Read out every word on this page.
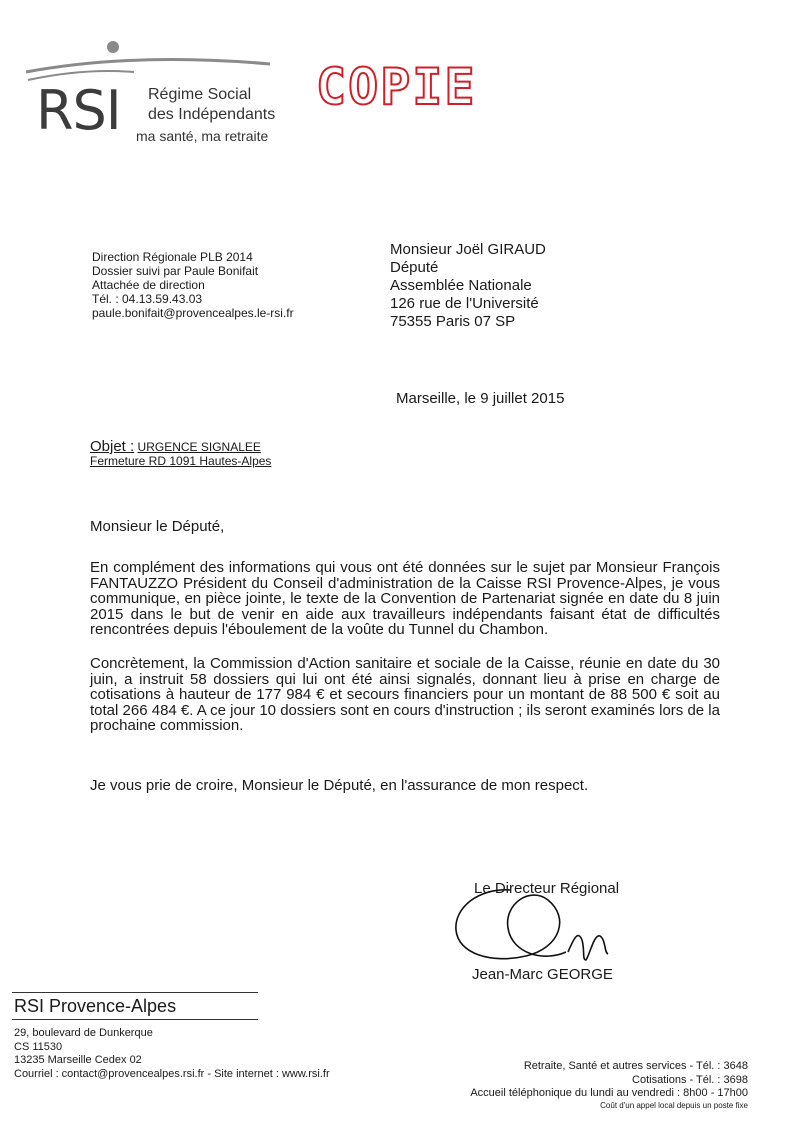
RSI Régime Social
des Indépendants
ma santé, ma retraite
COPIE
Direction Régionale PLB 2014
Dossier suivi par Paule Bonifait
Attachée de direction
Tél. : 04.13.59.43.03
paule.bonifait@provencealpes.le-rsi.fr
Monsieur Joël GIRAUD
Député
Assemblée Nationale
126 rue de l'Université
75355 Paris 07 SP
Marseille, le 9 juillet 2015
Objet : URGENCE SIGNALEE
Fermeture RD 1091 Hautes-Alpes
Monsieur le Député,
En complément des informations qui vous ont été données sur le sujet par Monsieur François FANTAUZZO Président du Conseil d'administration de la Caisse RSI Provence-Alpes, je vous communique, en pièce jointe, le texte de la Convention de Partenariat signée en date du 8 juin 2015 dans le but de venir en aide aux travailleurs indépendants faisant état de difficultés rencontrées depuis l'éboulement de la voûte du Tunnel du Chambon.
Concrètement, la Commission d'Action sanitaire et sociale de la Caisse, réunie en date du 30 juin, a instruit 58 dossiers qui lui ont été ainsi signalés, donnant lieu à prise en charge de cotisations à hauteur de 177 984 € et secours financiers pour un montant de 88 500 € soit au total 266 484 €. A ce jour 10 dossiers sont en cours d'instruction ; ils seront examinés lors de la prochaine commission.
Je vous prie de croire, Monsieur le Député, en l'assurance de mon respect.
Le Directeur Régional
Jean-Marc GEORGE
RSI Provence-Alpes
29, boulevard de Dunkerque
CS 11530
13235 Marseille Cedex 02
Courriel : contact@provencealpes.rsi.fr - Site internet : www.rsi.fr
Retraite, Santé et autres services - Tél. : 3648
Cotisations - Tél. : 3698
Accueil téléphonique du lundi au vendredi : 8h00 - 17h00
Coût d'un appel local depuis un poste fixe
